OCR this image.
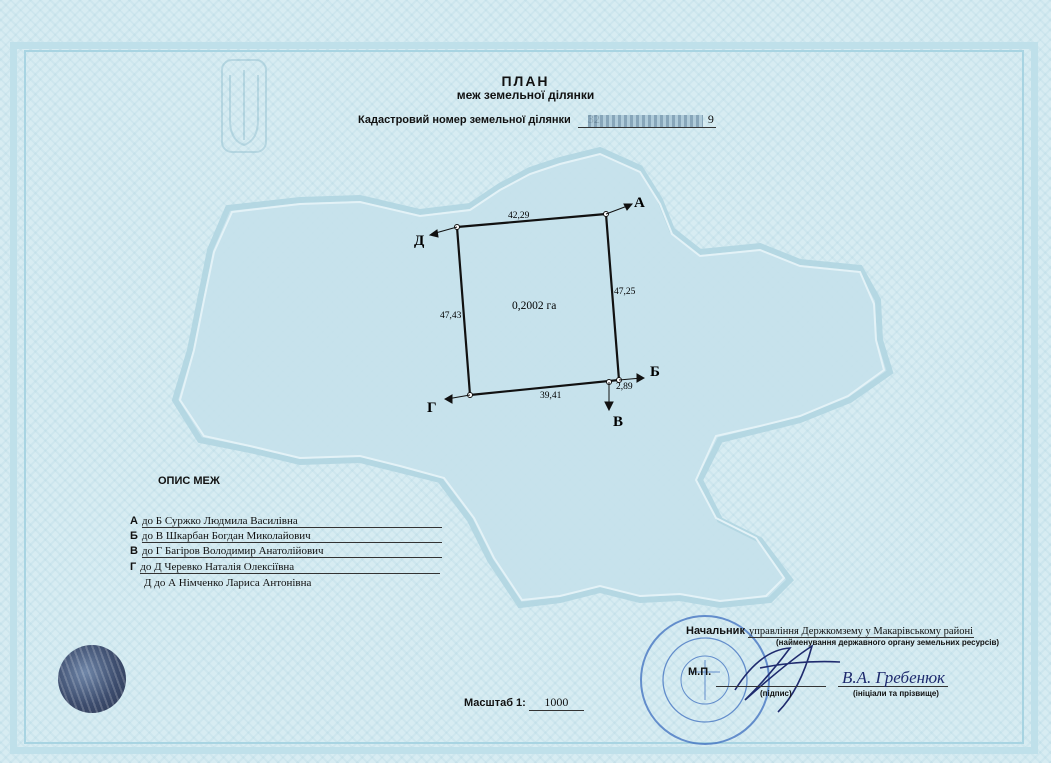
А
Д
Б
В
Г
42,29
47,25
39,41
47,43
2,89
0,2002 га
ПЛАН
меж земельної ділянки
Кадастровий номер земельної ділянки	9
ОПИС МЕЖ
А до Б Суржко Людмила Василівна
Б до В Шкарбан Богдан Миколайович
В до Г Багіров Володимир Анатолійович
Г до Д Черевко Наталія Олексіївна
Д до А Німченко Лариса Антонівна
Масштаб 1: 1000
Начальник управління Держкомзему у Макарівському районі
(найменування державного органу земельних ресурсів)
М.П.	В.А. Гребенюк
(підпис)	(ініціали та прізвище)
